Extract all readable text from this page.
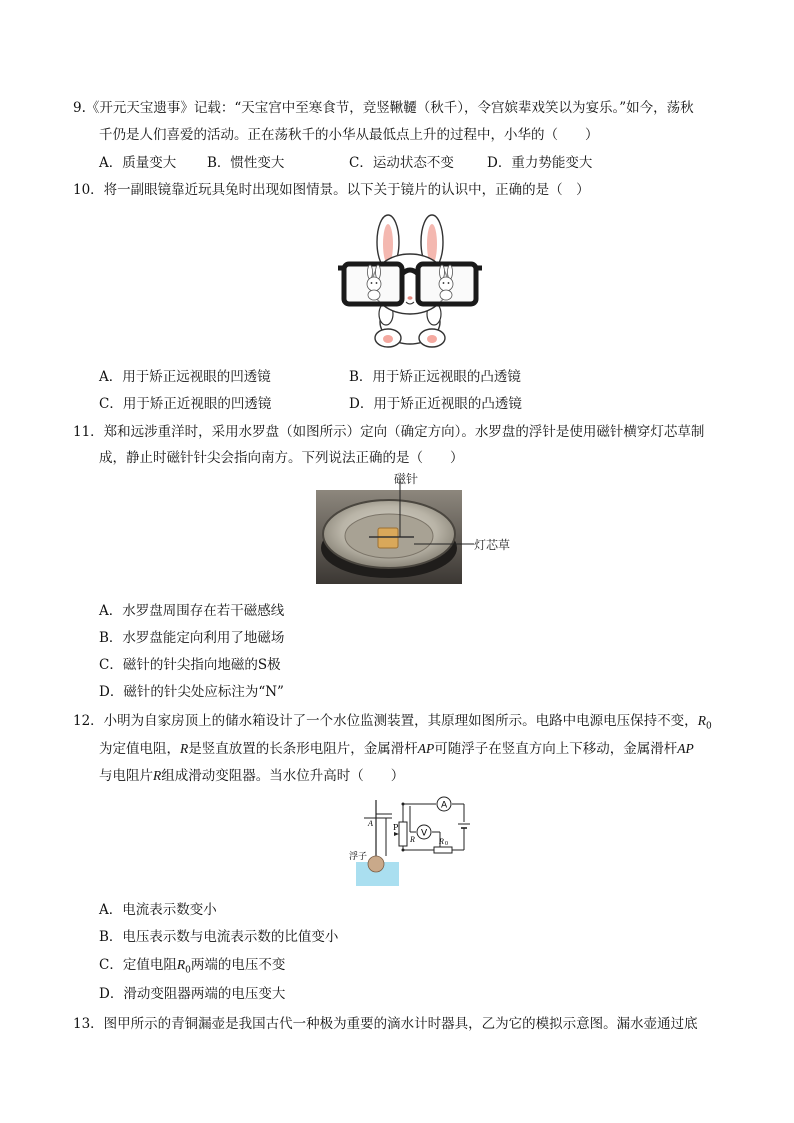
9.《开元天宝遗事》记载：“天宝宫中至寒食节，竞竖鞦韆（秋千），令宫嫔辈戏笑以为宴乐。”如今，荡秋
千仍是人们喜爱的活动。正在荡秋千的小华从最低点上升的过程中，小华的（　　）
A．质量变大 B．惯性变大	C．运动状态不变 D．重力势能变大
10．将一副眼镜靠近玩具兔时出现如图情景。以下关于镜片的认识中，正确的是（　）
A．用于矫正远视眼的凹透镜	B．用于矫正远视眼的凸透镜
C．用于矫正近视眼的凹透镜	D．用于矫正近视眼的凸透镜
11．郑和远涉重洋时，采用水罗盘（如图所示）定向（确定方向）。水罗盘的浮针是使用磁针横穿灯芯草制
成，静止时磁针针尖会指向南方。下列说法正确的是（　　）
磁针
灯芯草
A．水罗盘周围存在若干磁感线
B．水罗盘能定向利用了地磁场
C．磁针的针尖指向地磁的S极
D．磁针的针尖处应标注为“N”
12．小明为自家房顶上的储水箱设计了一个水位监测装置，其原理如图所示。电路中电源电压保持不变，$R_0$
为定值电阻，R是竖直放置的长条形电阻片，金属滑杆AP可随浮子在竖直方向上下移动，金属滑杆AP
与电阻片R组成滑动变阻器。当水位升高时（　　）
A
V
P
R
A
R 0
浮子
A．电流表示数变小
B．电压表示数与电流表示数的比值变小
C．定值电阻$R_0$两端的电压不变
D．滑动变阻器两端的电压变大
13．图甲所示的青铜漏壶是我国古代一种极为重要的滴水计时器具，乙为它的模拟示意图。漏水壶通过底
